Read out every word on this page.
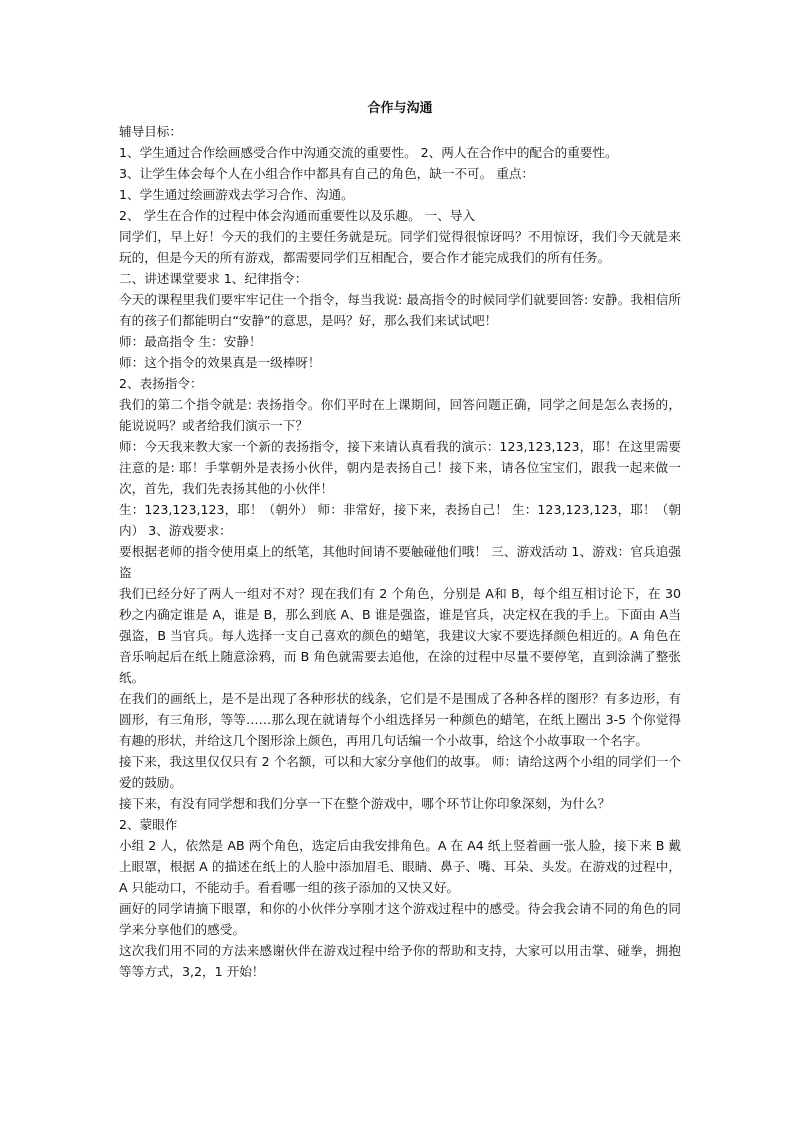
合作与沟通

辅导目标：

1、学生通过合作绘画感受合作中沟通交流的重要性。 2、两人在合作中的配合的重要性。

3、让学生体会每个人在小组合作中都具有自己的角色，缺一不可。 重点：

1、学生通过绘画游戏去学习合作、沟通。

2、 学生在合作的过程中体会沟通而重要性以及乐趣。 一、导入

同学们，早上好！今天的我们的主要任务就是玩。同学们觉得很惊讶吗？不用惊讶，我们今天就是来玩的，但是今天的所有游戏，都需要同学们互相配合，要合作才能完成我们的所有任务。

二、讲述课堂要求 1、纪律指令：

今天的课程里我们要牢牢记住一个指令，每当我说: 最高指令的时候同学们就要回答: 安静。我相信所有的孩子们都能明白“安静”的意思，是吗？好，那么我们来试试吧！

师：最高指令 生：安静！

师：这个指令的效果真是一级棒呀！

2、表扬指令：

我们的第二个指令就是: 表扬指令。你们平时在上课期间，回答问题正确，同学之间是怎么表扬的，能说说吗？或者给我们演示一下？

师：今天我来教大家一个新的表扬指令，接下来请认真看我的演示：123,123,123，耶！在这里需要注意的是: 耶！手掌朝外是表扬小伙伴，朝内是表扬自己！接下来，请各位宝宝们，跟我一起来做一次，首先，我们先表扬其他的小伙伴！

生：123,123,123，耶！（朝外） 师：非常好，接下来，表扬自己！ 生：123,123,123，耶！（朝内） 3、游戏要求：

要根据老师的指令使用桌上的纸笔，其他时间请不要触碰他们哦！ 三、游戏活动 1、游戏：官兵追强盗

我们已经分好了两人一组对不对？现在我们有 2 个角色，分别是 A和 B，每个组互相讨论下，在 30 秒之内确定谁是 A，谁是 B，那么到底 A、B 谁是强盗，谁是官兵，决定权在我的手上。下面由 A当强盗，B 当官兵。每人选择一支自己喜欢的颜色的蜡笔，我建议大家不要选择颜色相近的。A 角色在音乐响起后在纸上随意涂鸦，而 B 角色就需要去追他，在涂的过程中尽量不要停笔，直到涂满了整张纸。

在我们的画纸上，是不是出现了各种形状的线条，它们是不是围成了各种各样的图形？有多边形，有圆形，有三角形，等等……那么现在就请每个小组选择另一种颜色的蜡笔，在纸上圈出 3-5 个你觉得有趣的形状，并给这几个图形涂上颜色，再用几句话编一个小故事，给这个小故事取一个名字。

接下来，我这里仅仅只有 2 个名额，可以和大家分享他们的故事。 师：请给这两个小组的同学们一个爱的鼓励。

接下来，有没有同学想和我们分享一下在整个游戏中，哪个环节让你印象深刻，为什么？

2、蒙眼作

小组 2 人，依然是 AB 两个角色，选定后由我安排角色。A 在 A4 纸上竖着画一张人脸，接下来 B 戴上眼罩，根据 A 的描述在纸上的人脸中添加眉毛、眼睛、鼻子、嘴、耳朵、头发。在游戏的过程中，A 只能动口，不能动手。看看哪一组的孩子添加的又快又好。

画好的同学请摘下眼罩，和你的小伙伴分享刚才这个游戏过程中的感受。待会我会请不同的角色的同学来分享他们的感受。

这次我们用不同的方法来感谢伙伴在游戏过程中给予你的帮助和支持，大家可以用击掌、碰拳，拥抱等等方式，3,2，1 开始！
